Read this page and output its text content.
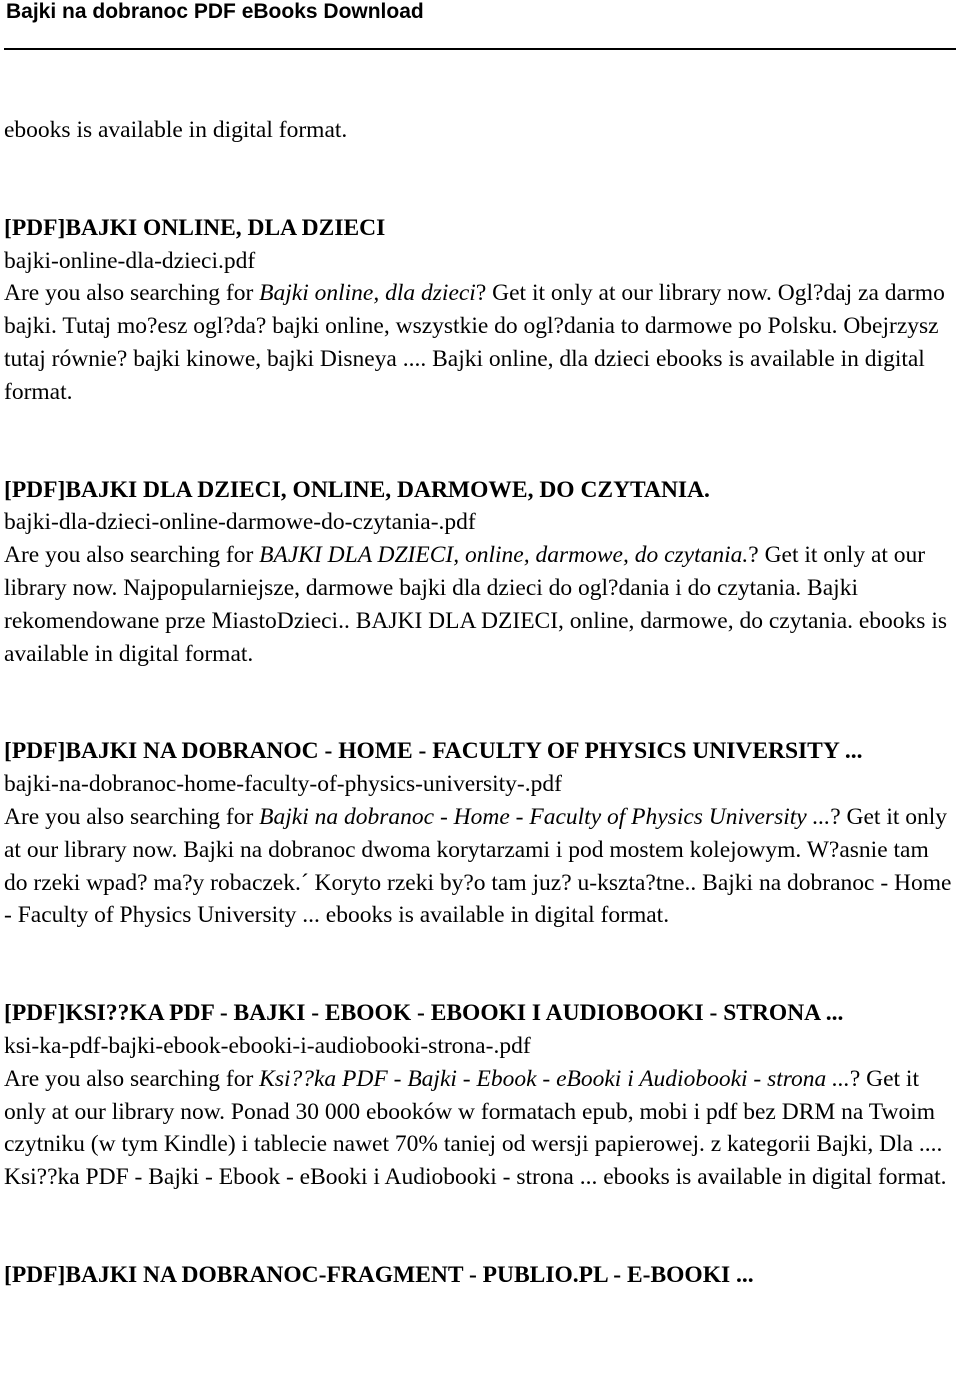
Bajki na dobranoc PDF eBooks Download

ebooks is available in digital format.

[PDF]BAJKI ONLINE, DLA DZIECI

bajki-online-dla-dzieci.pdf

Are you also searching for Bajki online, dla dzieci? Get it only at our library now. Ogl?daj za darmo bajki. Tutaj mo?esz ogl?da? bajki online, wszystkie do ogl?dania to darmowe po Polsku. Obejrzysz tutaj równie? bajki kinowe, bajki Disneya .... Bajki online, dla dzieci ebooks is available in digital format.

[PDF]BAJKI DLA DZIECI, ONLINE, DARMOWE, DO CZYTANIA.

bajki-dla-dzieci-online-darmowe-do-czytania-.pdf

Are you also searching for BAJKI DLA DZIECI, online, darmowe, do czytania.? Get it only at our library now. Najpopularniejsze, darmowe bajki dla dzieci do ogl?dania i do czytania. Bajki rekomendowane prze MiastoDzieci.. BAJKI DLA DZIECI, online, darmowe, do czytania. ebooks is available in digital format.

[PDF]BAJKI NA DOBRANOC - HOME - FACULTY OF PHYSICS UNIVERSITY ...

bajki-na-dobranoc-home-faculty-of-physics-university-.pdf

Are you also searching for Bajki na dobranoc - Home - Faculty of Physics University ...? Get it only at our library now. Bajki na dobranoc dwoma korytarzami i pod mostem kolejowym. W?asnie tam do rzeki wpad? ma?y robaczek.´ Koryto rzeki by?o tam juz? u-kszta?tne.. Bajki na dobranoc - Home - Faculty of Physics University ... ebooks is available in digital format.

[PDF]KSI??KA PDF - BAJKI - EBOOK - EBOOKI I AUDIOBOOKI - STRONA ...

ksi-ka-pdf-bajki-ebook-ebooki-i-audiobooki-strona-.pdf

Are you also searching for Ksi??ka PDF - Bajki - Ebook - eBooki i Audiobooki - strona ...? Get it only at our library now. Ponad 30 000 ebooków w formatach epub, mobi i pdf bez DRM na Twoim czytniku (w tym Kindle) i tablecie nawet 70% taniej od wersji papierowej. z kategorii Bajki, Dla .... Ksi??ka PDF - Bajki - Ebook - eBooki i Audiobooki - strona ... ebooks is available in digital format.

[PDF]BAJKI NA DOBRANOC-FRAGMENT - PUBLIO.PL - E-BOOKI ...
